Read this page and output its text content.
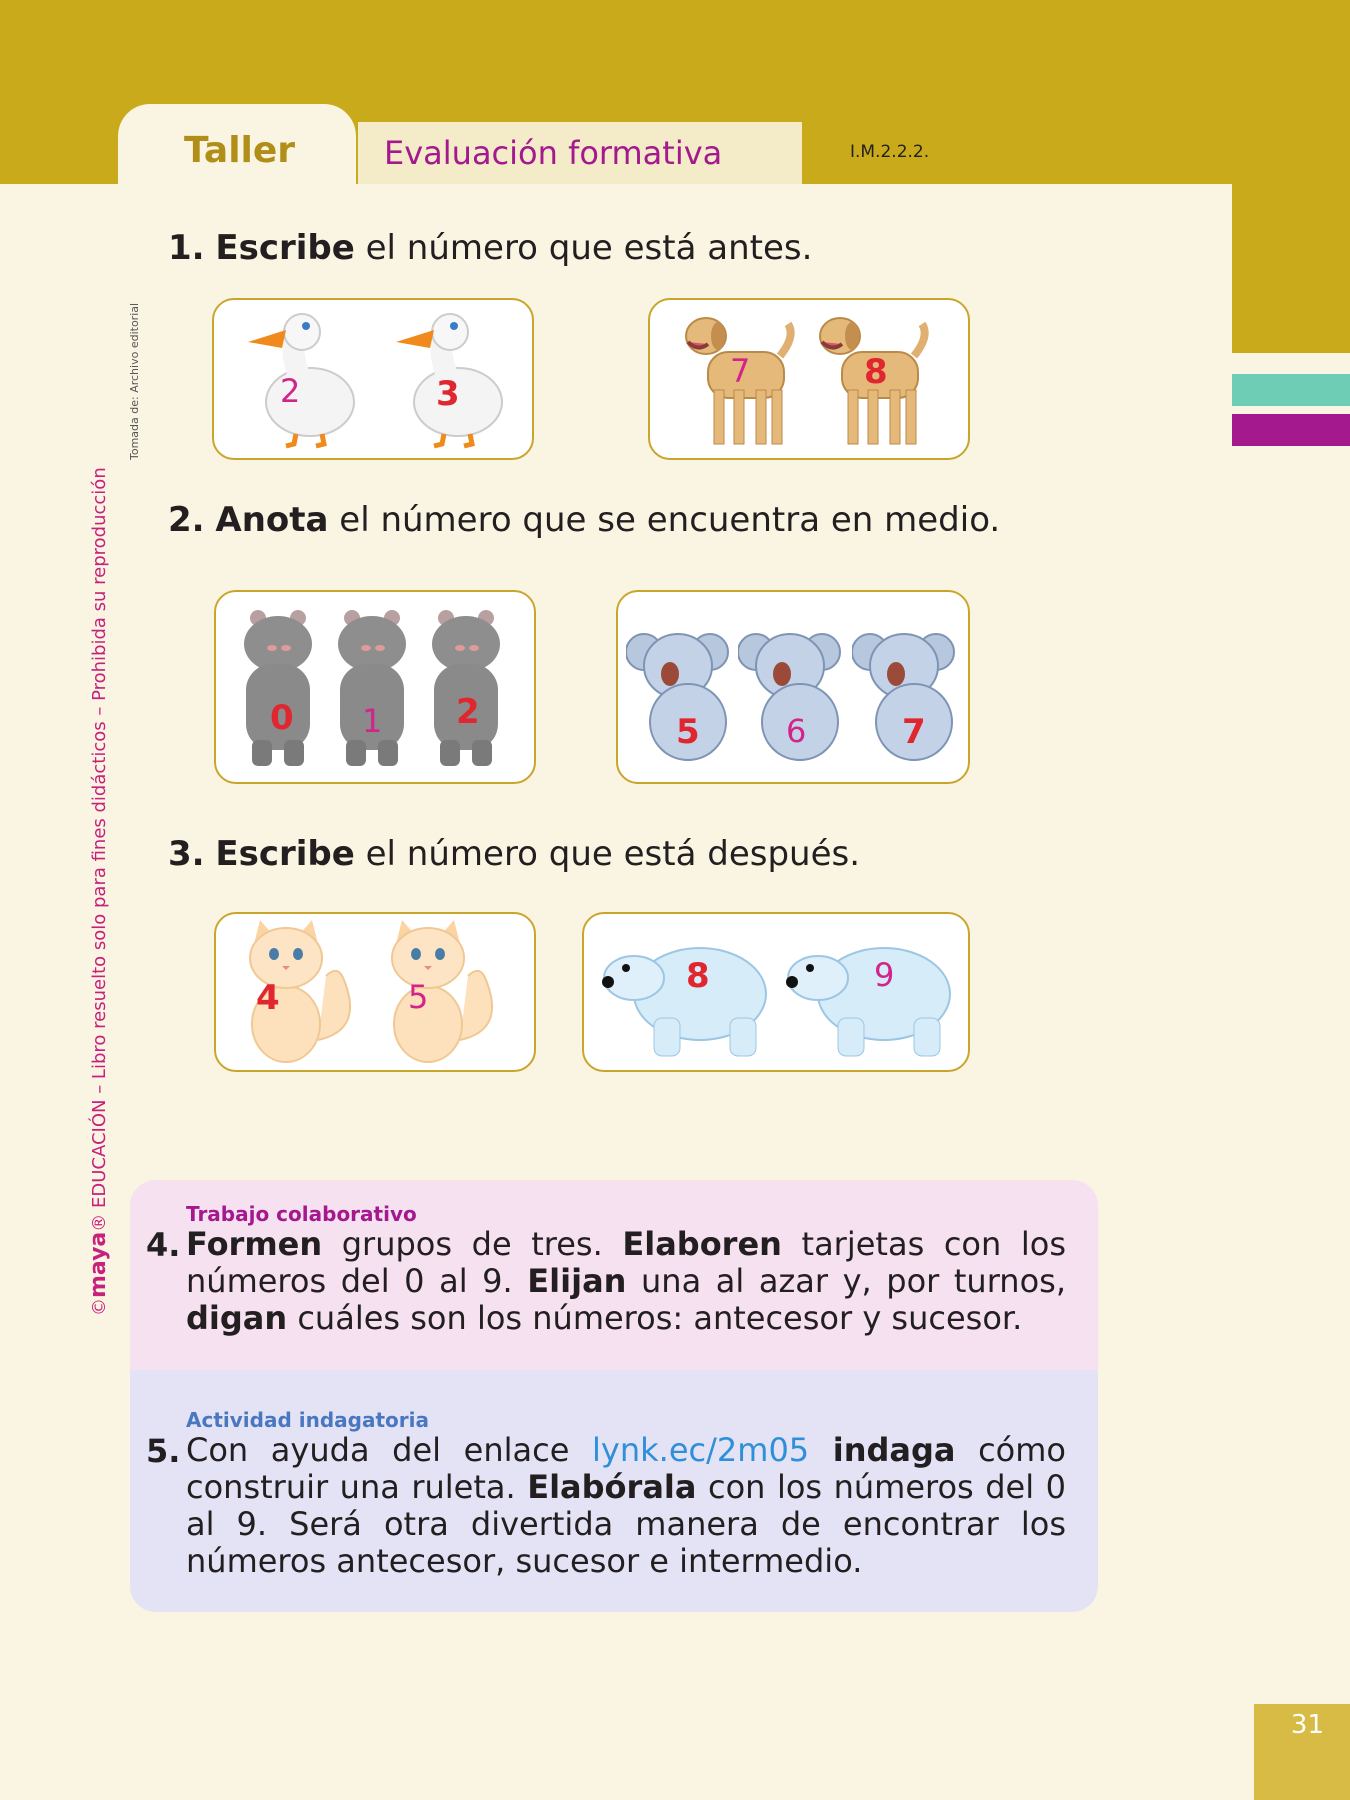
Taller	Evaluación formativa	I.M.2.2.2.
Tomada de: Archivo editorial
©maya® EDUCACIÓN – Libro resuelto solo para fines didácticos – Prohibida su reproducción
1. Escribe el número que está antes.
2	3
7	8
2. Anota el número que se encuentra en medio.
0 1 2	5	6	7
3. Escribe el número que está después.
4	5
8	9
Trabajo colaborativo
4. Formen grupos de tres. Elaboren tarjetas con los números del 0 al 9. Elijan una al azar y, por turnos, digan cuáles son los números: antecesor y sucesor.
Actividad indagatoria
5. Con ayuda del enlace lynk.ec/2m05 indaga cómo construir una ruleta. Elabórala con los números del 0 al 9. Será otra divertida manera de encontrar los números antecesor, sucesor e intermedio.
31
